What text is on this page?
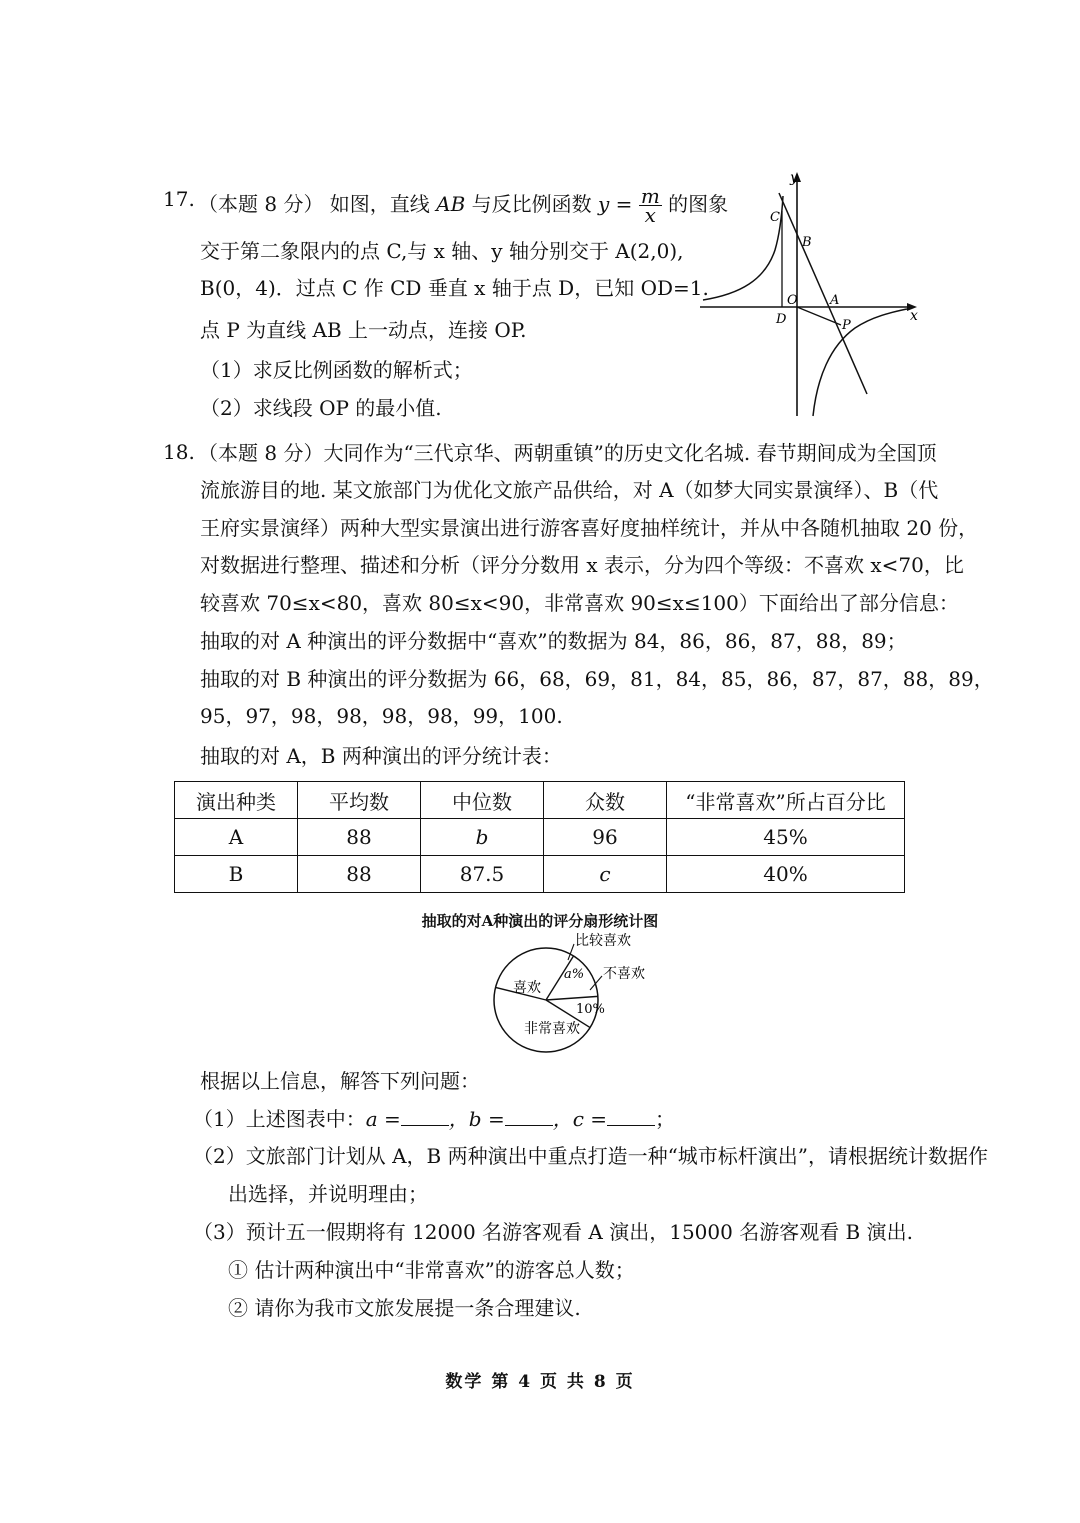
17. （本题 8 分） 如图，直线 AB 与反比例函数 $y = \frac{m}{x}$ 的图象
交于第二象限内的点 C,与 x 轴、y 轴分别交于 A(2,0),
B(0，4)．过点 C 作 CD 垂直 x 轴于点 D，已知 OD=1.
点 P 为直线 AB 上一动点，连接 OP.
（1）求反比例函数的解析式；
（2）求线段 OP 的最小值.
y
x
C
B
O A
D	P
18. （本题 8 分）大同作为“三代京华、两朝重镇”的历史文化名城. 春节期间成为全国顶
流旅游目的地. 某文旅部门为优化文旅产品供给，对 A（如梦大同实景演绎）、B（代
王府实景演绎）两种大型实景演出进行游客喜好度抽样统计，并从中各随机抽取 20 份，
对数据进行整理、描述和分析（评分分数用 x 表示，分为四个等级：不喜欢 x<70，比
较喜欢 70≤x<80，喜欢 80≤x<90，非常喜欢 90≤x≤100）下面给出了部分信息：
抽取的对 A 种演出的评分数据中“喜欢”的数据为 84，86，86，87，88，89；
抽取的对 B 种演出的评分数据为 66，68，69，81，84，85，86，87，87，88，89，
95，97，98，98，98，98，99，100.
抽取的对 A，B 两种演出的评分统计表：
演出种类	平均数	中位数	众数	“非常喜欢”所占百分比
A	88	b	96	45%
B	88	87.5	c	40%
抽取的对A种演出的评分扇形统计图
10%
非常喜欢
喜欢
a%
比较喜欢
不喜欢
根据以上信息，解答下列问题：
（1）上述图表中：a = ，b = ，c = ；
（2）文旅部门计划从 A，B 两种演出中重点打造一种“城市标杆演出”，请根据统计数据作
出选择，并说明理由；
（3）预计五一假期将有 12000 名游客观看 A 演出，15000 名游客观看 B 演出.
① 估计两种演出中“非常喜欢”的游客总人数；
② 请你为我市文旅发展提一条合理建议.
数学 第 4 页 共 8 页
